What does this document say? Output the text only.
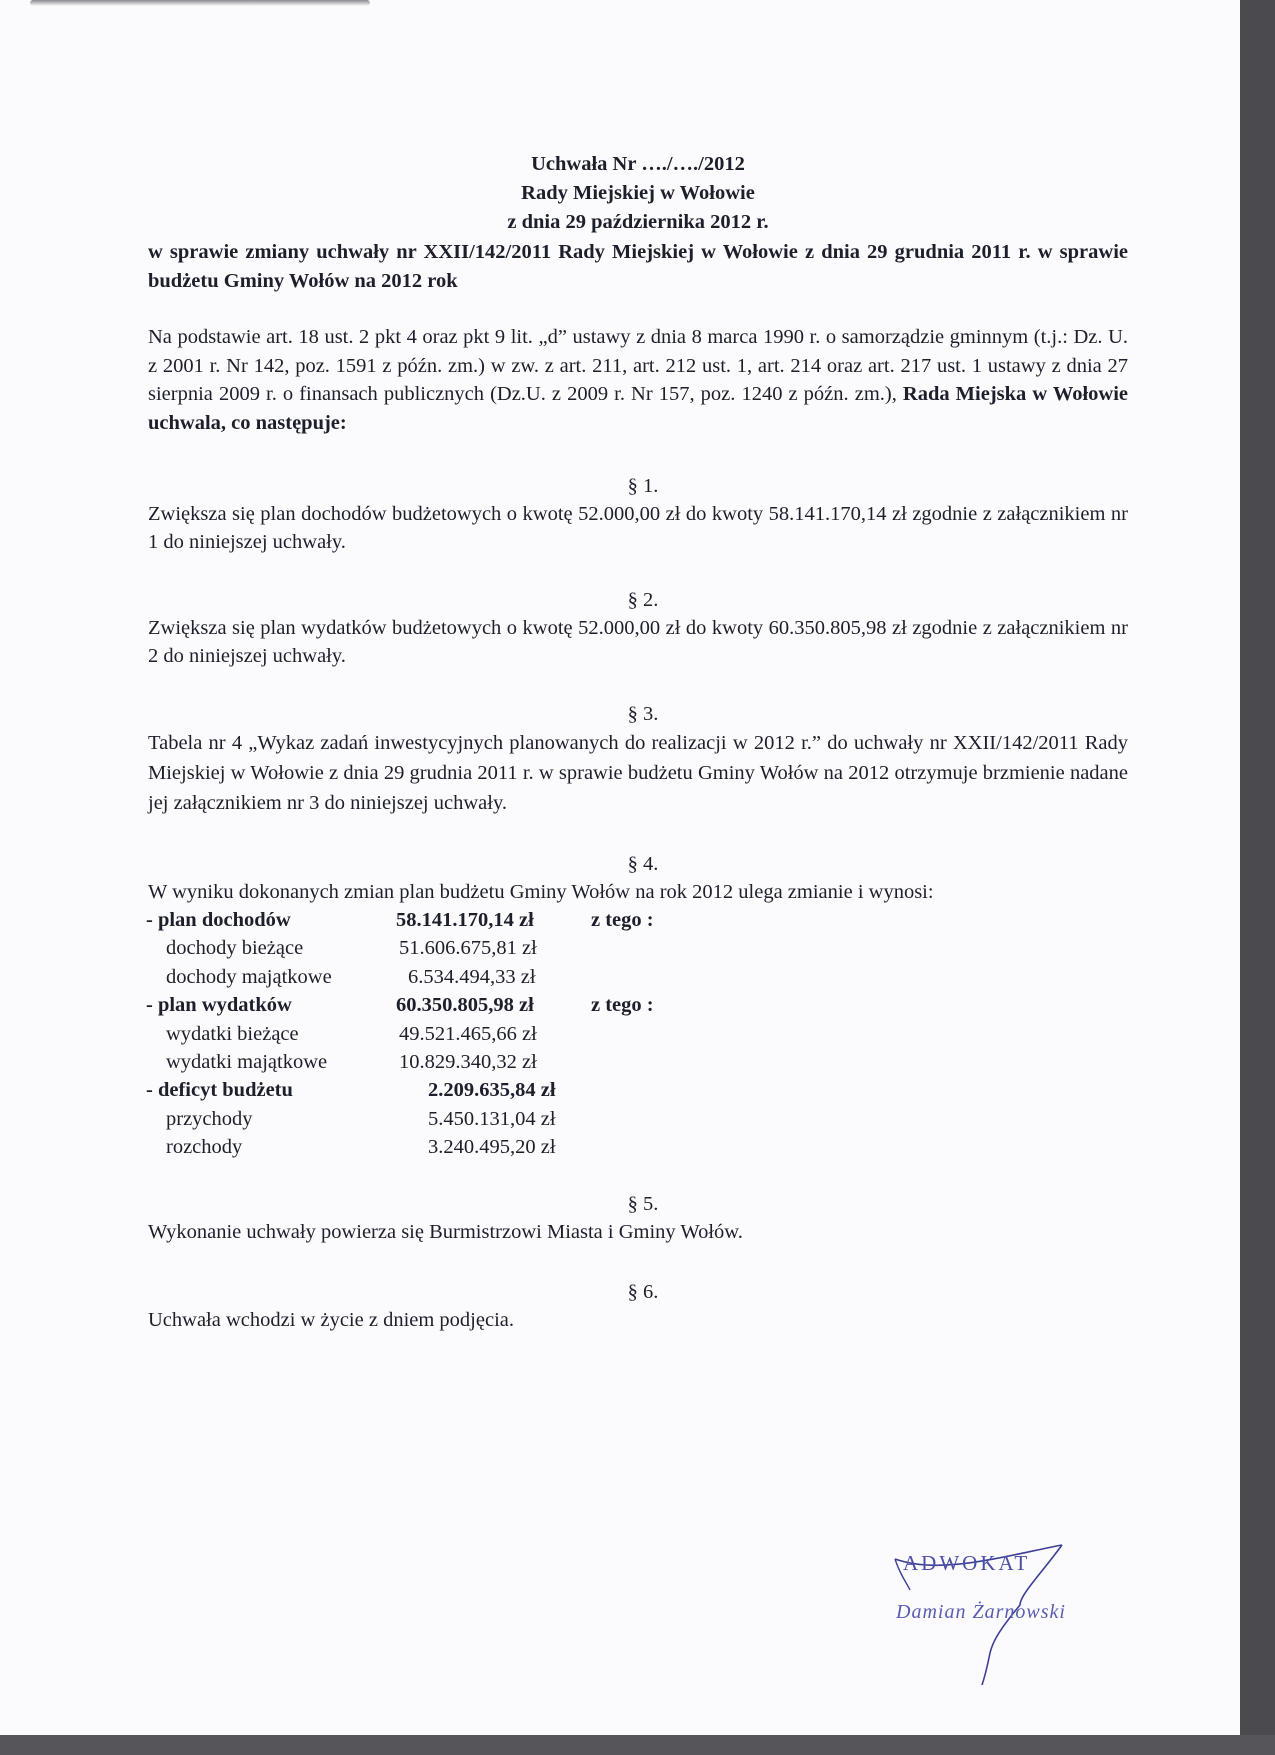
Uchwała Nr …./…./2012
Rady Miejskiej w Wołowie
z dnia 29 października 2012 r.
w sprawie zmiany uchwały nr XXII/142/2011 Rady Miejskiej w Wołowie z dnia 29 grudnia 2011 r. w sprawie budżetu Gminy Wołów na 2012 rok
Na podstawie art. 18 ust. 2 pkt 4 oraz pkt 9 lit. „d” ustawy z dnia 8 marca 1990 r. o samorządzie gminnym (t.j.: Dz. U. z 2001 r. Nr 142, poz. 1591 z późn. zm.) w zw. z art. 211, art. 212 ust. 1, art. 214 oraz art. 217 ust. 1 ustawy z dnia 27 sierpnia 2009 r. o finansach publicznych (Dz.U. z 2009 r. Nr 157, poz. 1240 z późn. zm.), Rada Miejska w Wołowie uchwala, co następuje:
§ 1.
Zwiększa się plan dochodów budżetowych o kwotę 52.000,00 zł do kwoty 58.141.170,14 zł zgodnie z załącznikiem nr 1 do niniejszej uchwały.
§ 2.
Zwiększa się plan wydatków budżetowych o kwotę 52.000,00 zł do kwoty 60.350.805,98 zł zgodnie z załącznikiem nr 2 do niniejszej uchwały.
§ 3.
Tabela nr 4 „Wykaz zadań inwestycyjnych planowanych do realizacji w 2012 r.” do uchwały nr XXII/142/2011 Rady Miejskiej w Wołowie z dnia 29 grudnia 2011 r. w sprawie budżetu Gminy Wołów na 2012 otrzymuje brzmienie nadane jej załącznikiem nr 3 do niniejszej uchwały.
§ 4.
W wyniku dokonanych zmian plan budżetu Gminy Wołów na rok 2012 ulega zmianie i wynosi:
- plan dochodów	58.141.170,14 zł	z tego :
dochody bieżące	51.606.675,81 zł
dochody majątkowe	6.534.494,33 zł
- plan wydatków	60.350.805,98 zł	z tego :
wydatki bieżące	49.521.465,66 zł
wydatki majątkowe	10.829.340,32 zł
- deficyt budżetu	2.209.635,84 zł
przychody	5.450.131,04 zł
rozchody	3.240.495,20 zł
§ 5.
Wykonanie uchwały powierza się Burmistrzowi Miasta i Gminy Wołów.
§ 6.
Uchwała wchodzi w życie z dniem podjęcia.
ADWOKAT
Damian Żarnowski
